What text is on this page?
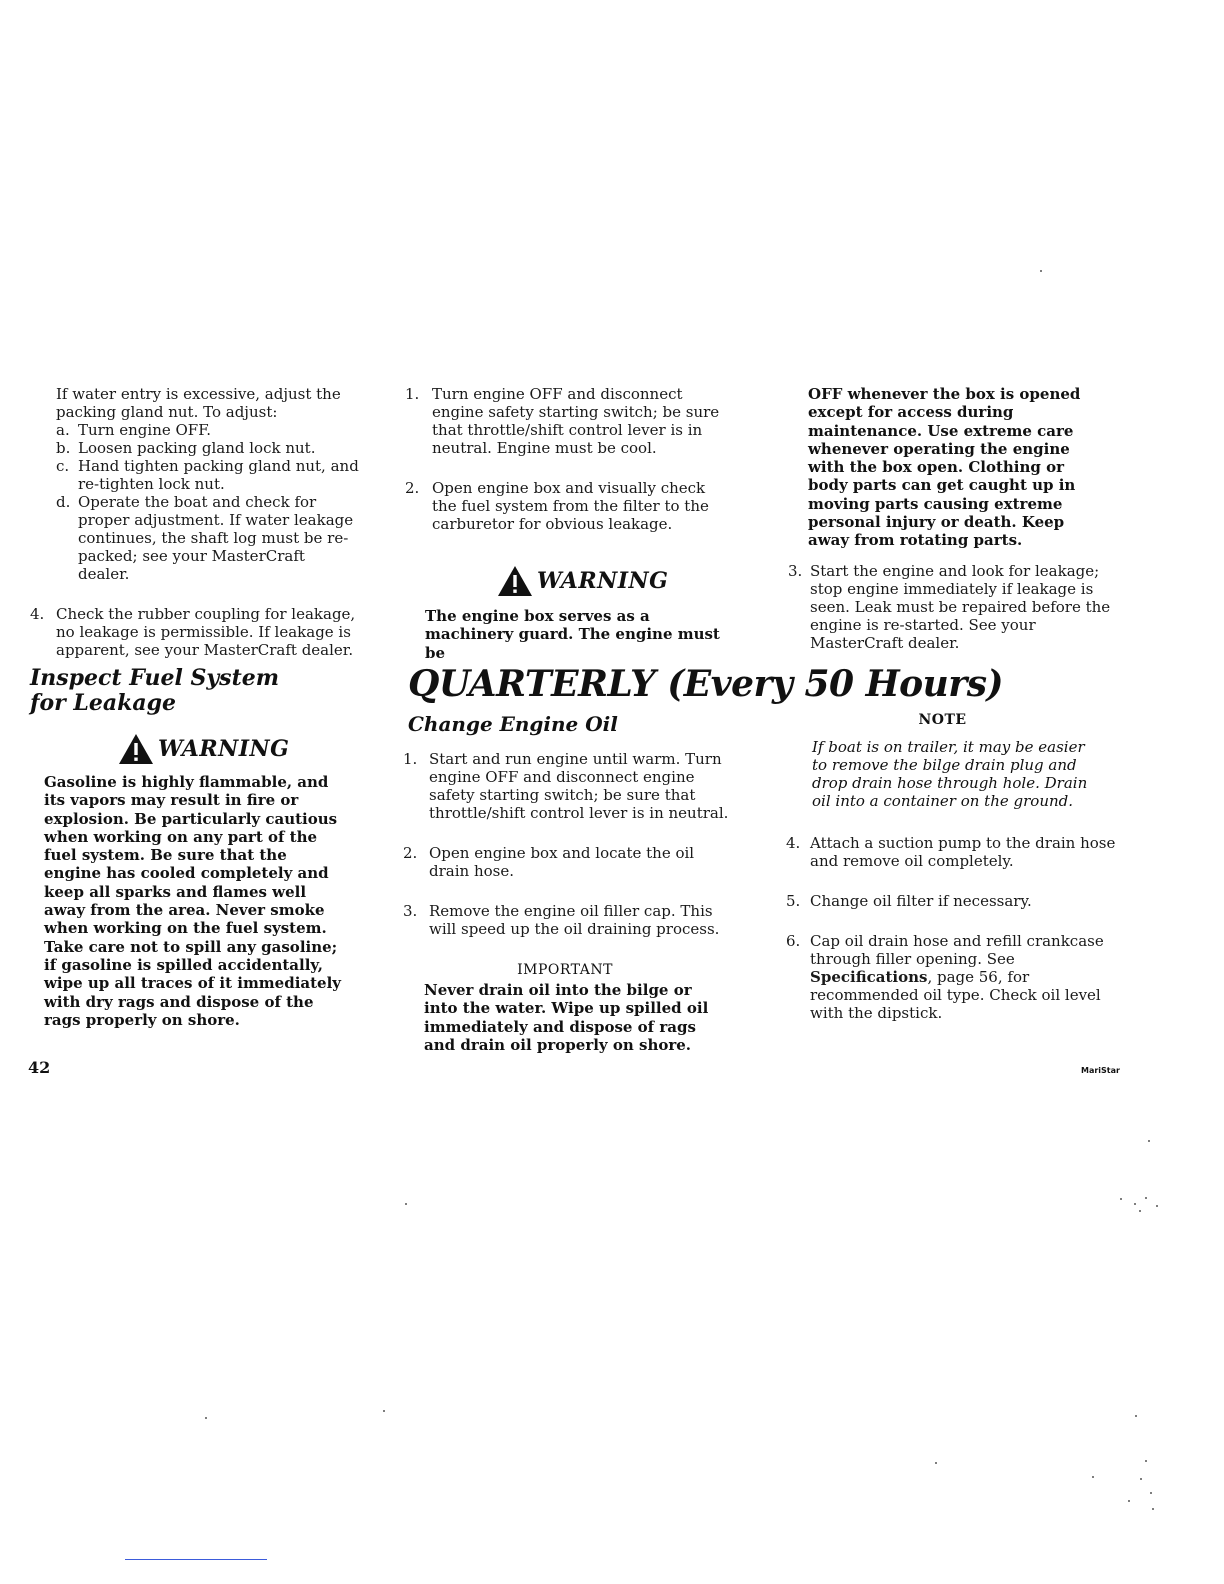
If water entry is excessive, adjust the packing gland nut. To adjust:
a. Turn engine OFF.
b. Loosen packing gland lock nut.
c. Hand tighten packing gland nut, and re-tighten lock nut.
d. Operate the boat and check for proper adjustment. If water leakage continues, the shaft log must be re-packed; see your MasterCraft dealer.
4. Check the rubber coupling for leakage, no leakage is permissible. If leakage is apparent, see your MasterCraft dealer.
Inspect Fuel System for Leakage
WARNING
Gasoline is highly flammable, and its vapors may result in fire or explosion. Be particularly cautious when working on any part of the fuel system. Be sure that the engine has cooled completely and keep all sparks and flames well away from the area. Never smoke when working on the fuel system. Take care not to spill any gasoline; if gasoline is spilled accidentally, wipe up all traces of it immediately with dry rags and dispose of the rags properly on shore.
42
1. Turn engine OFF and disconnect engine safety starting switch; be sure that throttle/shift control lever is in neutral. Engine must be cool.
2. Open engine box and visually check the fuel system from the filter to the carburetor for obvious leakage.
WARNING
The engine box serves as a machinery guard. The engine must be
OFF whenever the box is opened except for access during maintenance. Use extreme care whenever operating the engine with the box open. Clothing or body parts can get caught up in moving parts causing extreme personal injury or death. Keep away from rotating parts.
3. Start the engine and look for leakage; stop engine immediately if leakage is seen. Leak must be repaired before the engine is re-started. See your MasterCraft dealer.
QUARTERLY (Every 50 Hours)
Change Engine Oil
1. Start and run engine until warm. Turn engine OFF and disconnect engine safety starting switch; be sure that throttle/shift control lever is in neutral.
2. Open engine box and locate the oil drain hose.
3. Remove the engine oil filler cap. This will speed up the oil draining process.
IMPORTANT
Never drain oil into the bilge or into the water. Wipe up spilled oil immediately and dispose of rags and drain oil properly on shore.
NOTE
If boat is on trailer, it may be easier to remove the bilge drain plug and drop drain hose through hole. Drain oil into a container on the ground.
4. Attach a suction pump to the drain hose and remove oil completely.
5. Change oil filter if necessary.
6. Cap oil drain hose and refill crankcase through filler opening. See Specifications, page 56, for recommended oil type. Check oil level with the dipstick.
MariStar
